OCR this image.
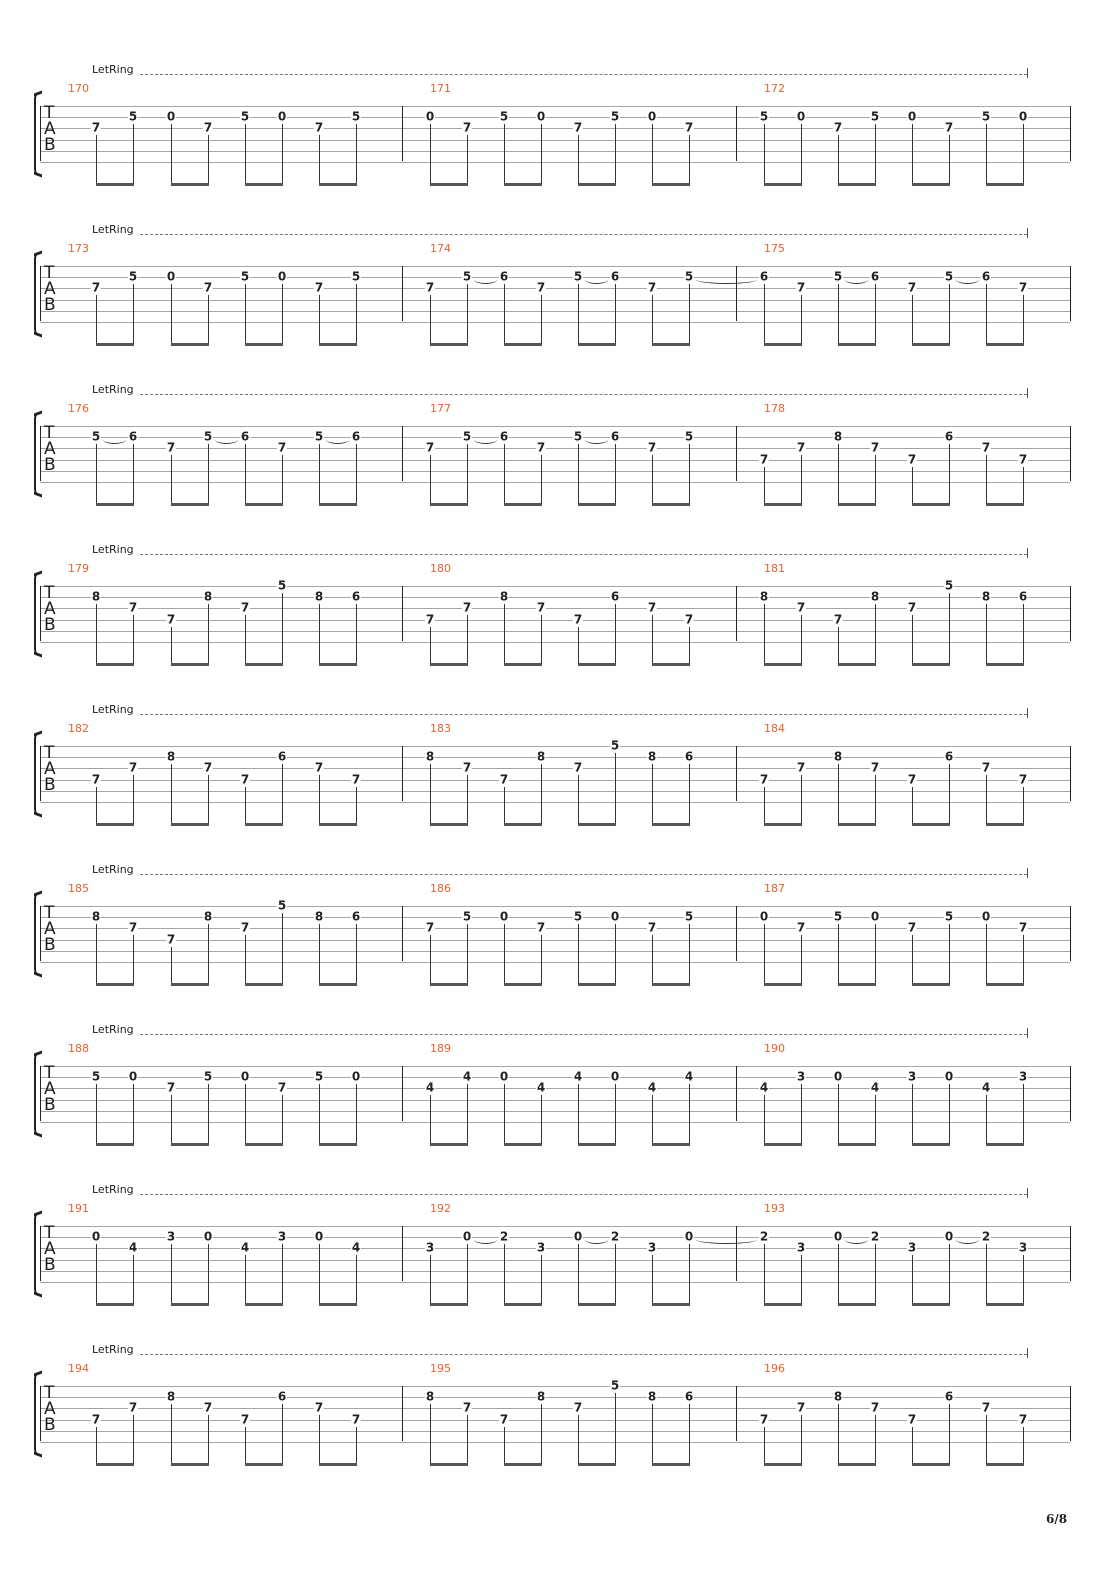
LetRing
T
A
B
170
7
5 0
7
5 0
7
5
171
0
7
5 0
7
5 0
7
172
5 0
7
5 0
7
5 0
LetRing
T
A
B
173
7
5 0
7
5 0
7
5
174
7
5 6
7
5 6
7
5
175
6
7
5 6
7
5 6
7
LetRing
T
A
B
176
5 6
7
5 6
7
5 6
177
7
5 6
7
5 6
7
5
178
7
7
8
7
7
6
7
7
LetRing
T
A
B
179
8
7
7
8
7
5
8 6
180
7
7
8
7
7
6
7
7
181
8
7
7
8
7
5
8 6
LetRing
T
A
B
182
7
7
8
7
7
6
7
7
183
8
7
7
8
7
5
8 6
184
7
7
8
7
7
6
7
7
LetRing
T
A
B
185
8
7
7
8
7
5
8 6
186
7
5 0
7
5 0
7
5
187
0
7
5 0
7
5 0
7
LetRing
T
A
B
188
5 0
7
5 0
7
5 0
189
4
4 0
4
4 0
4
4
190
4
3 0
4
3 0
4
3
LetRing
T
A
B
191
0
4
3 0
4
3 0
4
192
3
0 2
3
0 2
3
0
193
2
3
0 2
3
0 2
3
LetRing
T
A
B
194
7
7
8
7
7
6
7
7
195
8
7
7
8
7
5
8 6
196
7
7
8
7
7
6
7
7
6/8
